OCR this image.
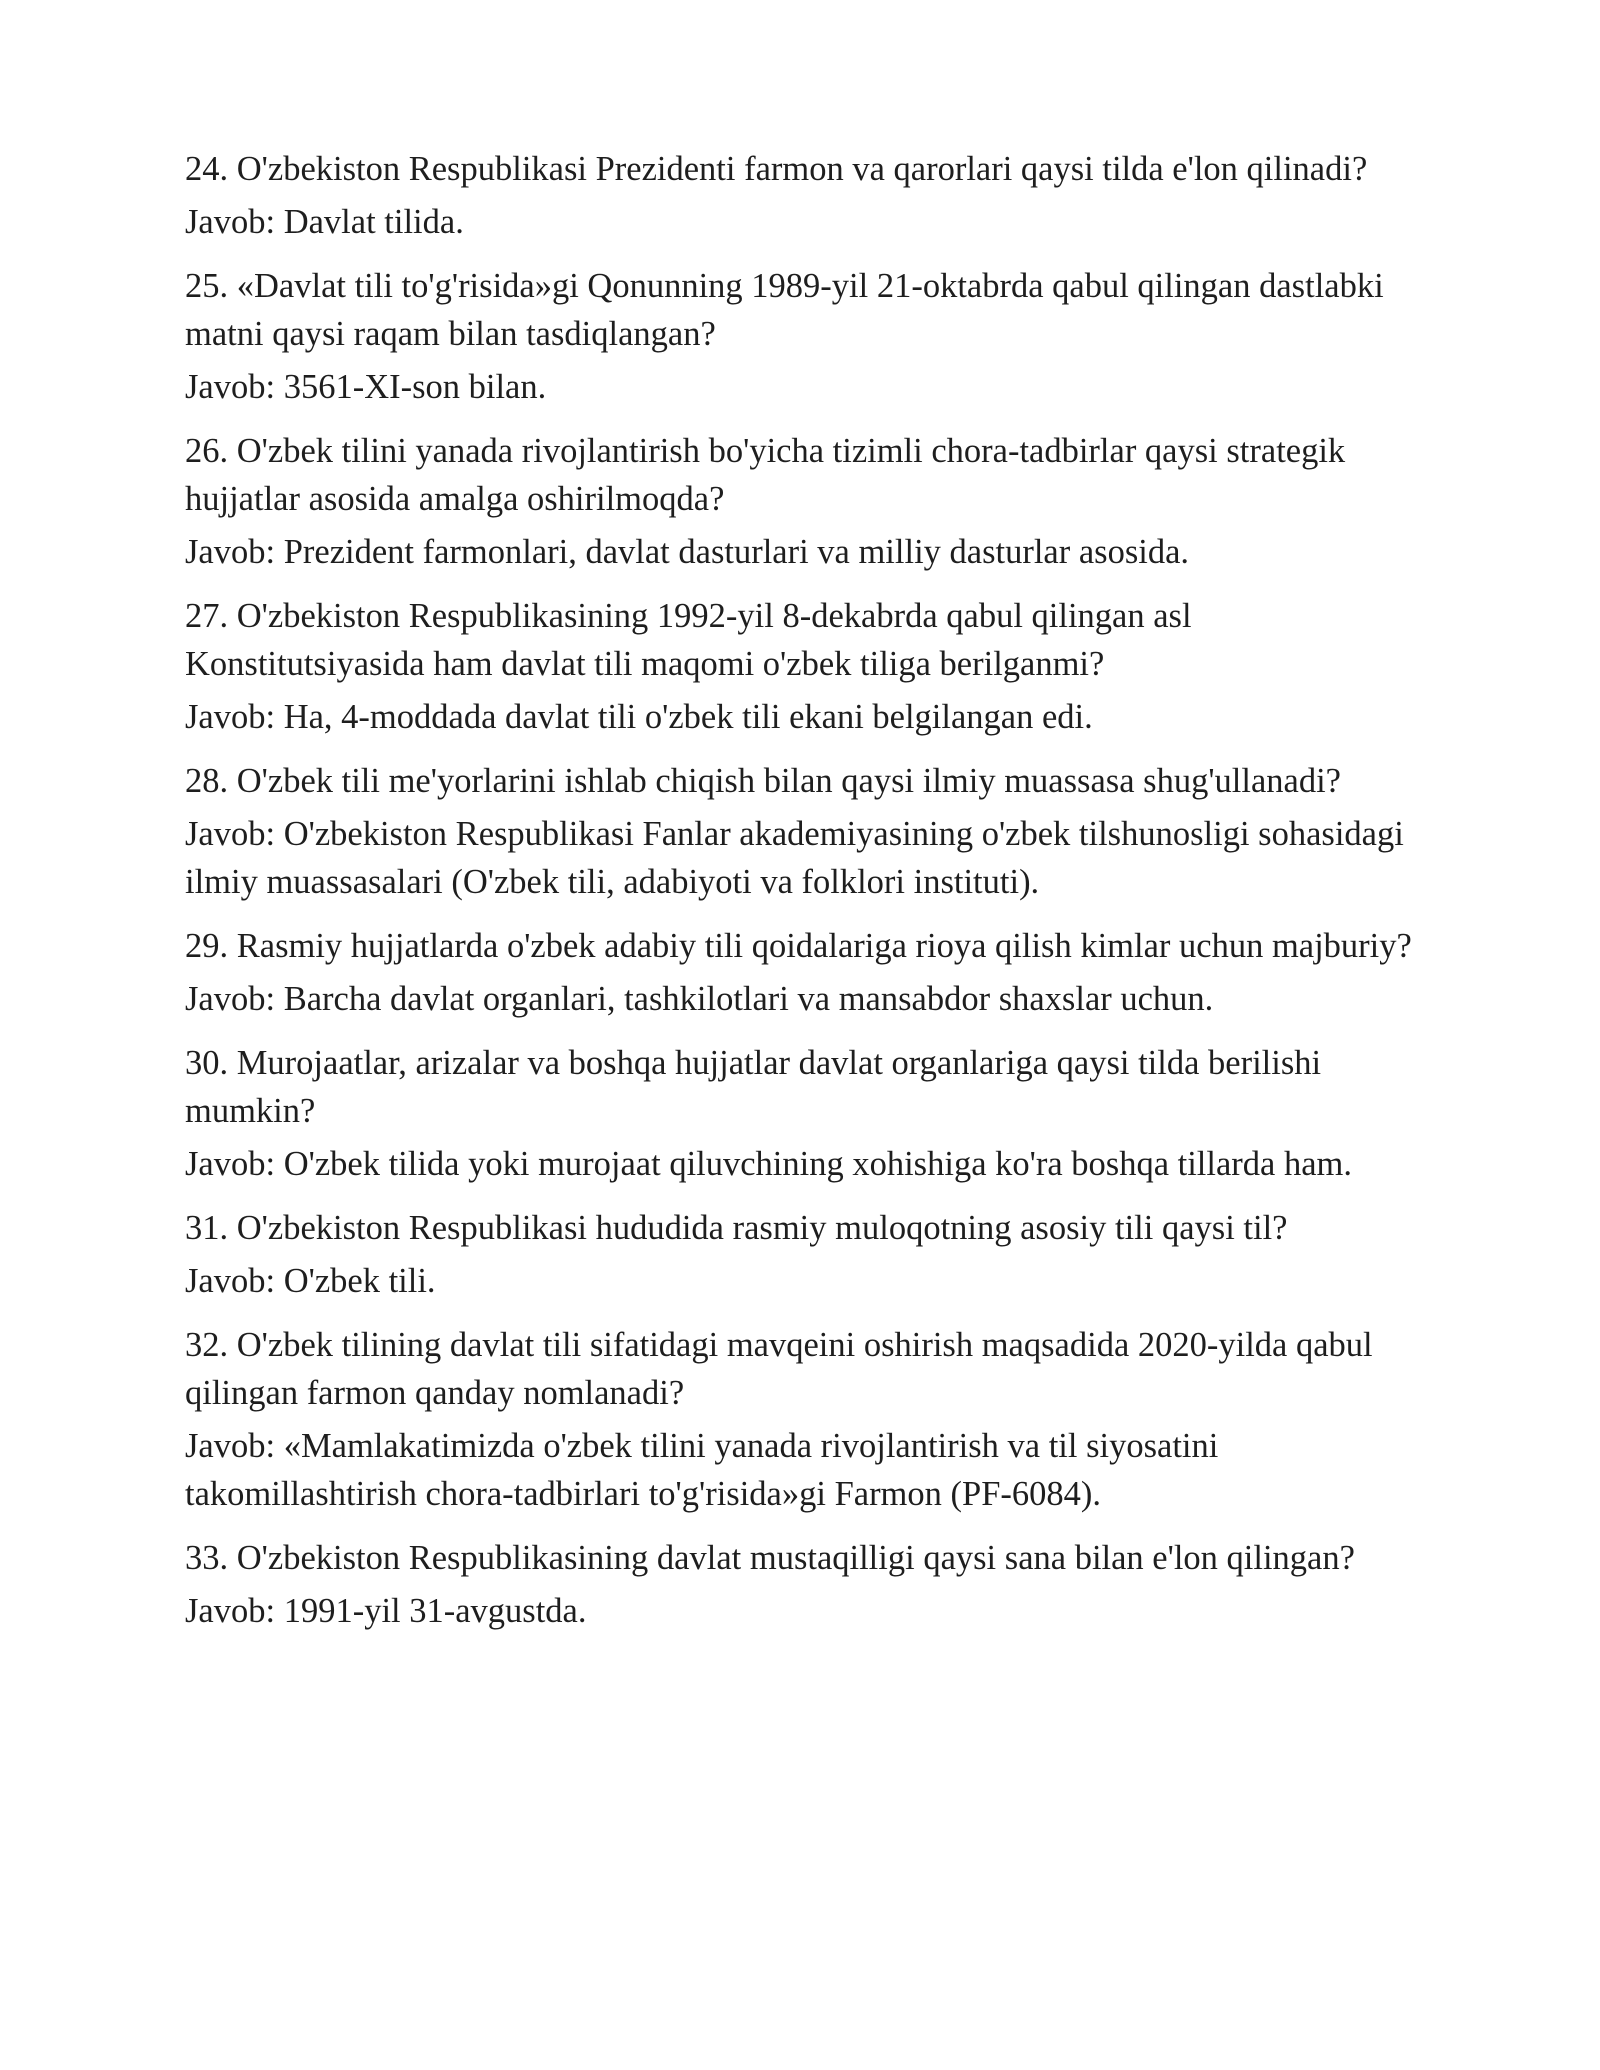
24. O'zbekiston Respublikasi Prezidenti farmon va qarorlari qaysi tilda e'lon qilinadi?

Javob: Davlat tilida.

25. «Davlat tili to'g'risida»gi Qonunning 1989-yil 21-oktabrda qabul qilingan dastlabki matni qaysi raqam bilan tasdiqlangan?

Javob: 3561-XI-son bilan.

26. O'zbek tilini yanada rivojlantirish bo'yicha tizimli chora-tadbirlar qaysi strategik hujjatlar asosida amalga oshirilmoqda?

Javob: Prezident farmonlari, davlat dasturlari va milliy dasturlar asosida.

27. O'zbekiston Respublikasining 1992-yil 8-dekabrda qabul qilingan asl Konstitutsiyasida ham davlat tili maqomi o'zbek tiliga berilganmi?

Javob: Ha, 4-moddada davlat tili o'zbek tili ekani belgilangan edi.

28. O'zbek tili me'yorlarini ishlab chiqish bilan qaysi ilmiy muassasa shug'ullanadi?

Javob: O'zbekiston Respublikasi Fanlar akademiyasining o'zbek tilshunosligi sohasidagi ilmiy muassasalari (O'zbek tili, adabiyoti va folklori instituti).

29. Rasmiy hujjatlarda o'zbek adabiy tili qoidalariga rioya qilish kimlar uchun majburiy?

Javob: Barcha davlat organlari, tashkilotlari va mansabdor shaxslar uchun.

30. Murojaatlar, arizalar va boshqa hujjatlar davlat organlariga qaysi tilda berilishi mumkin?

Javob: O'zbek tilida yoki murojaat qiluvchining xohishiga ko'ra boshqa tillarda ham.

31. O'zbekiston Respublikasi hududida rasmiy muloqotning asosiy tili qaysi til?

Javob: O'zbek tili.

32. O'zbek tilining davlat tili sifatidagi mavqeini oshirish maqsadida 2020-yilda qabul qilingan farmon qanday nomlanadi?

Javob: «Mamlakatimizda o'zbek tilini yanada rivojlantirish va til siyosatini takomillashtirish chora-tadbirlari to'g'risida»gi Farmon (PF-6084).

33. O'zbekiston Respublikasining davlat mustaqilligi qaysi sana bilan e'lon qilingan?

Javob: 1991-yil 31-avgustda.
